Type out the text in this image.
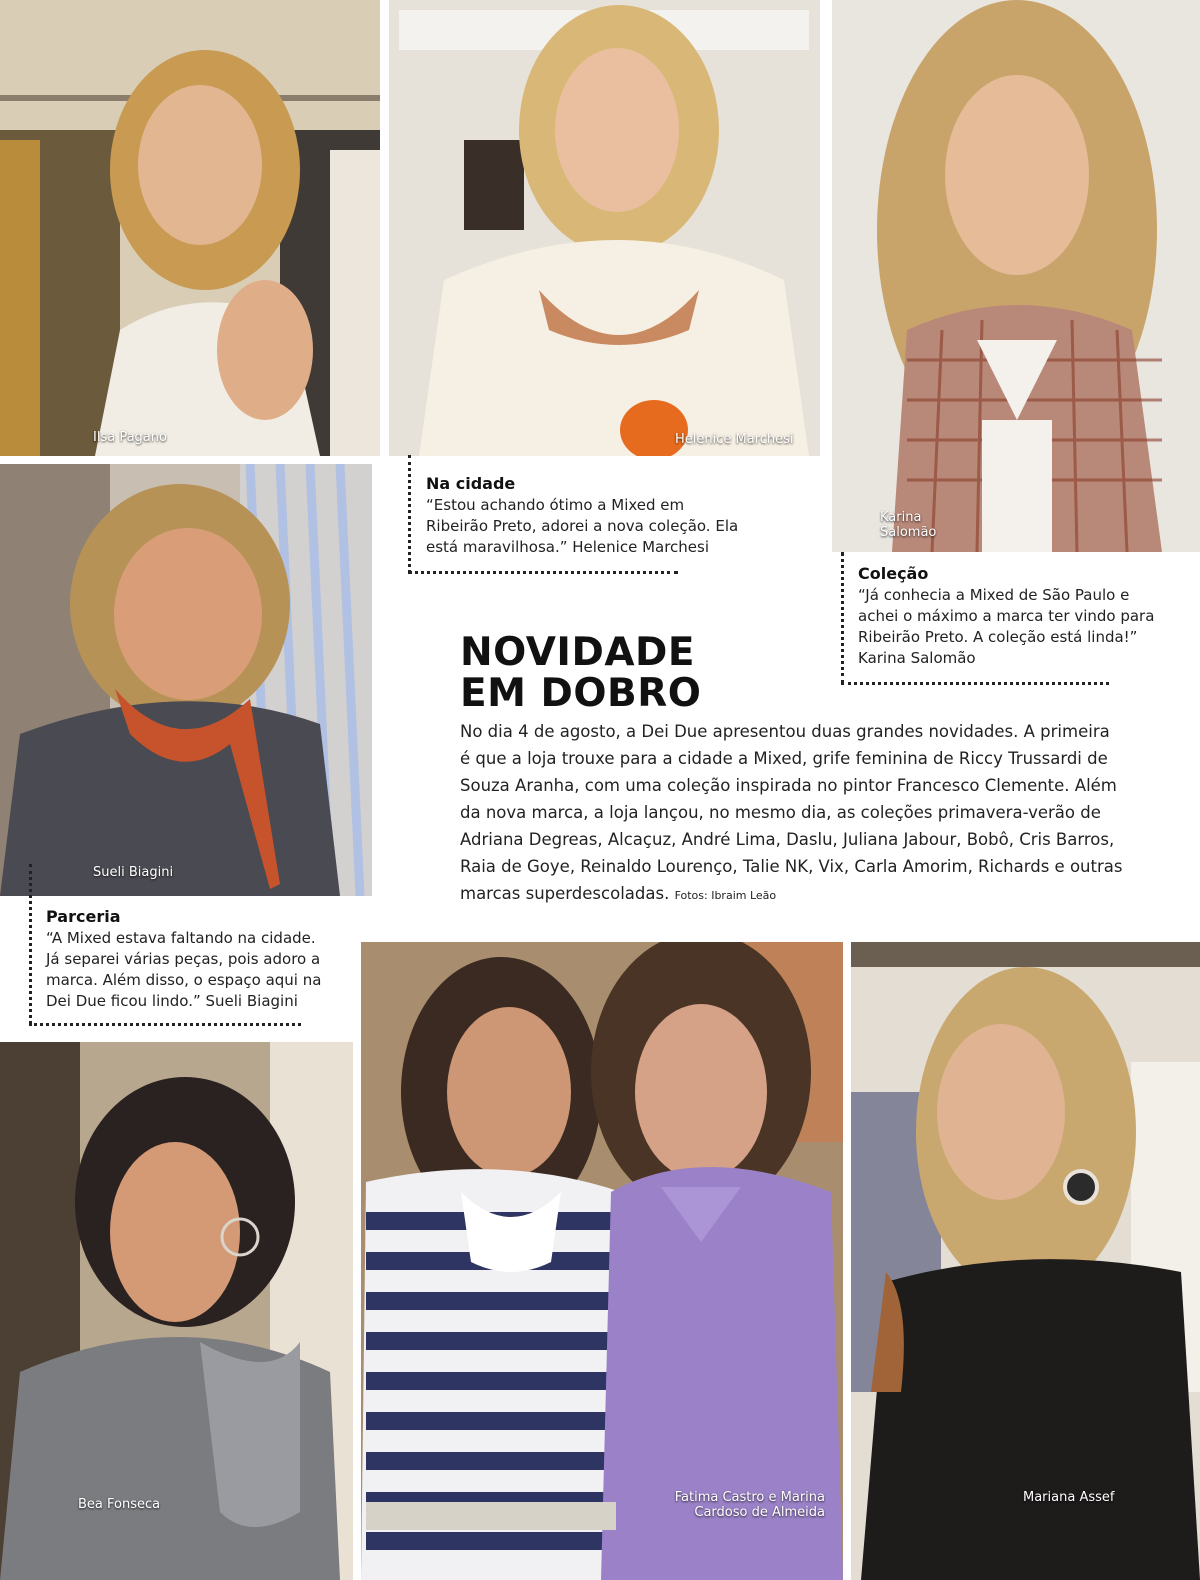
Ilsa Pagano	Helenice Marchesi
Karina
Salomão
Sueli Biagini
Bea Fonseca	Fatima Castro e Marina
Cardoso de Almeida
Mariana Assef
Na cidade
“Estou achando ótimo a Mixed em
Ribeirão Preto, adorei a nova coleção. Ela
está maravilhosa.” Helenice Marchesi
Coleção
“Já conhecia a Mixed de São Paulo e
achei o máximo a marca ter vindo para
Ribeirão Preto. A coleção está linda!”
Karina Salomão
Parceria
“A Mixed estava faltando na cidade.
Já separei várias peças, pois adoro a
marca. Além disso, o espaço aqui na
Dei Due ficou lindo.” Sueli Biagini
NOVIDADE
EM DOBRO
No dia 4 de agosto, a Dei Due apresentou duas grandes novidades. A primeira
é que a loja trouxe para a cidade a Mixed, grife feminina de Riccy Trussardi de
Souza Aranha, com uma coleção inspirada no pintor Francesco Clemente. Além
da nova marca, a loja lançou, no mesmo dia, as coleções primavera-verão de
Adriana Degreas, Alcaçuz, André Lima, Daslu, Juliana Jabour, Bobô, Cris Barros,
Raia de Goye, Reinaldo Lourenço, Talie NK, Vix, Carla Amorim, Richards e outras
marcas superdescoladas. Fotos: Ibraim Leão
